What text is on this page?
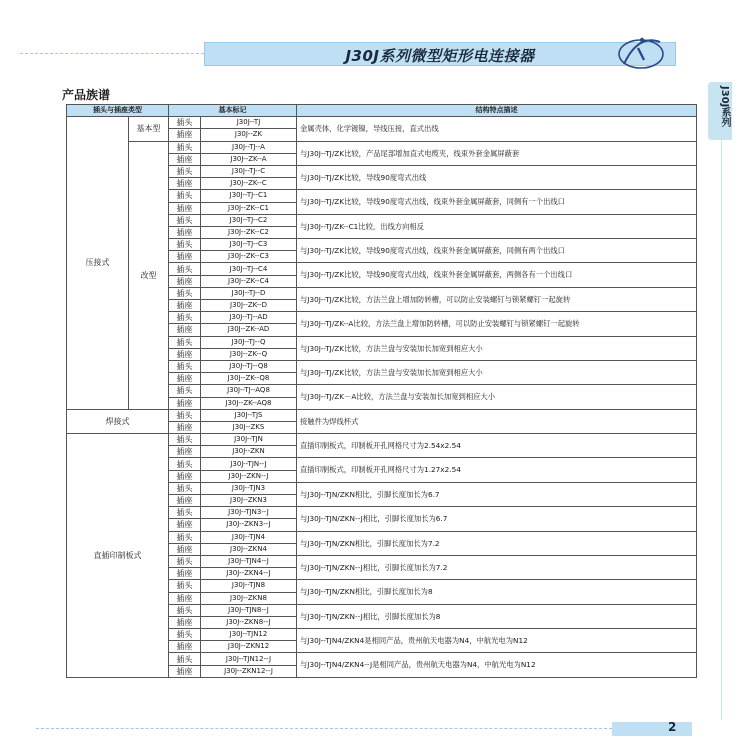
J30J系列微型矩形电连接器
产品族谱	J30J系列
插头与插座类型		基本标记		结构特点描述
压接式	基本型	插头	J30J--TJ	金属壳体，化学镀镍，导线压接，直式出线
		插座	J30J--ZK	
	改型	插头	J30J--TJ--A	与J30J--TJ/ZK比较，产品尾部增加直式电缆夹，线束外套金属屏蔽套
		插座	J30J--ZK--A	
		插头	J30J--TJ--C	与J30J--TJ/ZK比较，导线90度弯式出线
		插座	J30J--ZK--C	
		插头	J30J--TJ--C1	与J30J--TJ/ZK比较，导线90度弯式出线，线束外套金属屏蔽套，同侧有一个出线口
		插座	J30J--ZK--C1	
		插头	J30J--TJ--C2	与J30J--TJ/ZK--C1比较，出线方向相反
		插座	J30J--ZK--C2	
		插头	J30J--TJ--C3	与J30J--TJ/ZK比较，导线90度弯式出线，线束外套金属屏蔽套，同侧有两个出线口
		插座	J30J--ZK--C3	
		插头	J30J--TJ--C4	与J30J--TJ/ZK比较，导线90度弯式出线，线束外套金属屏蔽套，两侧各有一个出线口
		插座	J30J--ZK--C4	
		插头	J30J--TJ--D	与J30J--TJ/ZK比较，方法兰盘上增加防转槽，可以防止安装螺钉与锁紧螺钉一起旋转
		插座	J30J--ZK--D	
		插头	J30J--TJ--AD	与J30J--TJ/ZK--A比较，方法兰盘上增加防转槽，可以防止安装螺钉与锁紧螺钉一起旋转
		插座	J30J--ZK--AD	
		插头	J30J--TJ--Q	与J30J--TJ/ZK比较，方法兰盘与安装加长加宽到相应大小
		插座	J30J--ZK--Q	
		插头	J30J--TJ--Q8	与J30J--TJ/ZK比较，方法兰盘与安装加长加宽到相应大小
		插座	J30J--ZK--Q8	
		插头	J30J--TJ--AQ8	与J30J--TJ/ZK－A比较，方法兰盘与安装加长加宽到相应大小
		插座	J30J--ZK--AQ8	
焊接式		插头	J30J--TJS	接触件为焊线杯式
		插座	J30J--ZKS	
直插印制板式		插头	J30J--TJN	直插印制板式，印制板开孔网格尺寸为2.54x2.54
		插座	J30J--ZKN	
		插头	J30J--TJN--J	直插印制板式，印制板开孔网格尺寸为1.27x2.54
		插座	J30J--ZKN--J	
		插头	J30J--TJN3	与J30J--TJN/ZKN相比，引脚长度加长为6.7
		插座	J30J--ZKN3	
		插头	J30J--TJN3--J	与J30J--TJN/ZKN--J相比，引脚长度加长为6.7
		插座	J30J--ZKN3--J	
		插头	J30J--TJN4	与J30J--TJN/ZKN相比，引脚长度加长为7.2
		插座	J30J--ZKN4	
		插头	J30J--TJN4--J	与J30J--TJN/ZKN--J相比，引脚长度加长为7.2
		插座	J30J--ZKN4--J	
		插头	J30J--TJN8	与J30J--TJN/ZKN相比，引脚长度加长为8
		插座	J30J--ZKN8	
		插头	J30J--TJN8--J	与J30J--TJN/ZKN--J相比，引脚长度加长为8
		插座	J30J--ZKN8--J	
		插头	J30J--TJN12	与J30J--TJN4/ZKN4是相同产品，贵州航天电器为N4，中航光电为N12
		插座	J30J--ZKN12	
		插头	J30J--TJN12--J	与J30J--TJN4/ZKN4--J是相同产品，贵州航天电器为N4，中航光电为N12
		插座	J30J--ZKN12--J	
2
